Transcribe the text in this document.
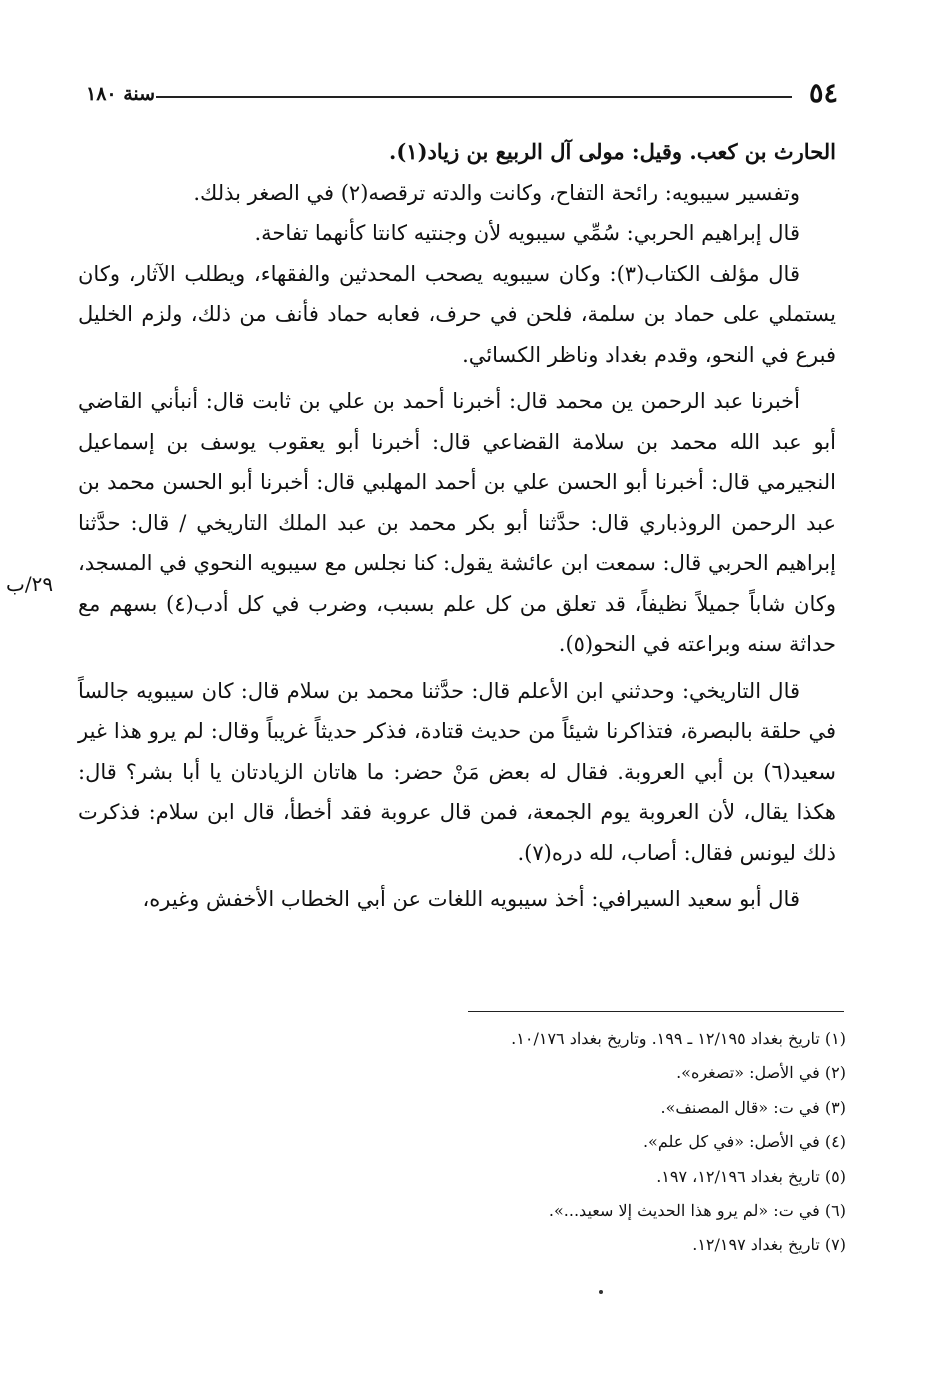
٥٤
سنة ١٨٠
٢٩/ب

الحارث بن كعب. وقيل: مولى آل الربيع بن زياد(١).

وتفسير سيبويه: رائحة التفاح، وكانت والدته ترقصه(٢) في الصغر بذلك.

قال إبراهيم الحربي: سُمِّي سيبويه لأن وجنتيه كانتا كأنهما تفاحة.

قال مؤلف الكتاب(٣): وكان سيبويه يصحب المحدثين والفقهاء، ويطلب الآثار، وكان يستملي على حماد بن سلمة، فلحن في حرف، فعابه حماد فأنف من ذلك، ولزم الخليل فبرع في النحو، وقدم بغداد وناظر الكسائي.

أخبرنا عبد الرحمن ين محمد قال: أخبرنا أحمد بن علي بن ثابت قال: أنبأني القاضي أبو عبد الله محمد بن سلامة القضاعي قال: أخبرنا أبو يعقوب يوسف بن إسماعيل النجيرمي قال: أخبرنا أبو الحسن علي بن أحمد المهلبي قال: أخبرنا أبو الحسن محمد بن عبد الرحمن الروذباري قال: حدَّثنا أبو بكر محمد بن عبد الملك التاريخي / قال: حدَّثنا إبراهيم الحربي قال: سمعت ابن عائشة يقول: كنا نجلس مع سيبويه النحوي في المسجد، وكان شاباً جميلاً نظيفاً، قد تعلق من كل علم بسبب، وضرب في كل أدب(٤) بسهم مع حداثة سنه وبراعته في النحو(٥).

قال التاريخي: وحدثني ابن الأعلم قال: حدَّثنا محمد بن سلام قال: كان سيبويه جالساً في حلقة بالبصرة، فتذاكرنا شيئاً من حديث قتادة، فذكر حديثاً غريباً وقال: لم يرو هذا غير سعيد(٦) بن أبي العروبة. فقال له بعض مَنْ حضر: ما هاتان الزيادتان يا أبا بشر؟ قال: هكذا يقال، لأن العروبة يوم الجمعة، فمن قال عروبة فقد أخطأ، قال ابن سلام: فذكرت ذلك ليونس فقال: أصاب، لله دره(٧).

قال أبو سعيد السيرافي: أخذ سيبويه اللغات عن أبي الخطاب الأخفش وغيره،

(١) تاريخ بغداد ١٢/١٩٥ ـ ١٩٩. وتاريخ بغداد ١٠/١٧٦.
(٢) في الأصل: «تصغره».
(٣) في ت: «قال المصنف».
(٤) في الأصل: «في كل علم».
(٥) تاريخ بغداد ١٢/١٩٦، ١٩٧.
(٦) في ت: «لم يرو هذا الحديث إلا سعيد...».
(٧) تاريخ بغداد ١٢/١٩٧.
